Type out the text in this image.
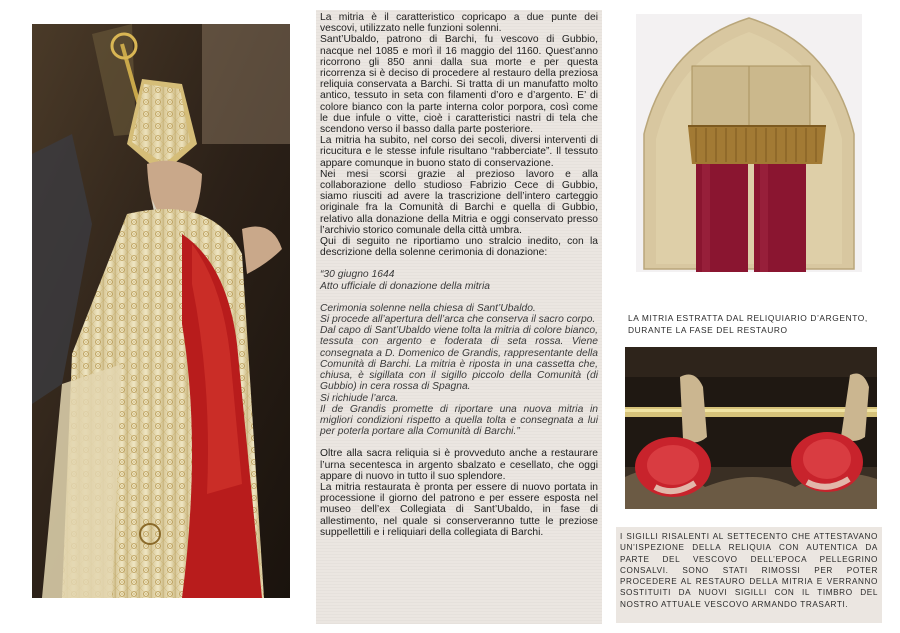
La mitria è il caratteristico copricapo a due punte dei vescovi, utilizzato nelle funzioni solenni.

Sant’Ubaldo, patrono di Barchi, fu vescovo di Gubbio, nacque nel 1085 e morì il 16 maggio del 1160. Quest’anno ricorrono gli 850 anni dalla sua morte e per questa ricorrenza si è deciso di procedere al restauro della preziosa reliquia conservata a Barchi. Si tratta di un manufatto molto antico, tessuto in seta con filamenti d’oro e d’argento. E’ di colore bianco con la parte interna color porpora, così come le due infule o vitte, cioè i caratteristici nastri di tela che scendono verso il basso dalla parte posteriore.

La mitria ha subito, nel corso dei secoli, diversi interventi di ricucitura e le stesse infule risultano “rabberciate”. Il tessuto appare comunque in buono stato di conservazione.

Nei mesi scorsi grazie al prezioso lavoro e alla collaborazione dello studioso Fabrizio Cece di Gubbio, siamo riusciti ad avere la trascrizione dell’intero carteggio originale fra la Comunità di Barchi e quella di Gubbio, relativo alla donazione della Mitria e oggi conservato presso l’archivio storico comunale della città umbra.

Qui di seguito ne riportiamo uno stralcio inedito, con la descrizione della solenne cerimonia di donazione:

“30 giugno 1644

Atto ufficiale di donazione della mitria

Cerimonia solenne nella chiesa di Sant’Ubaldo.

Si procede all’apertura dell’arca che conserva il sacro corpo.

Dal capo di Sant’Ubaldo viene tolta la mitria di colore bianco, tessuta con argento e foderata di seta rossa. Viene consegnata a D. Domenico de Grandis, rappresentante della Comunità di Barchi. La mitria è riposta in una cassetta che, chiusa, è sigillata con il sigillo piccolo della Comunità (di Gubbio) in cera rossa di Spagna.

Si richiude l’arca.

Il de Grandis promette di riportare una nuova mitria in migliori condizioni rispetto a quella tolta e consegnata a lui per poterla portare alla Comunità di Barchi.”

Oltre alla sacra reliquia si è provveduto anche a restaurare l’urna secentesca in argento sbalzato e cesellato, che oggi appare di nuovo in tutto il suo splendore.

La mitria restaurata è pronta per essere di nuovo portata in processione il giorno del patrono e per essere esposta nel museo dell’ex Collegiata di Sant’Ubaldo, in fase di allestimento, nel quale si conserveranno tutte le preziose suppellettili e i reliquiari della collegiata di Barchi.

LA MITRIA ESTRATTA DAL RELIQUIARIO D’ARGENTO, DURANTE LA FASE DEL RESTAURO
I SIGILLI RISALENTI AL SETTECENTO CHE ATTESTAVANO UN’ISPEZIONE DELLA RELIQUIA CON AUTENTICA DA PARTE DEL VESCOVO DELL’EPOCA PELLEGRINO CONSALVI. SONO STATI RIMOSSI PER POTER PROCEDERE AL RESTAURO DELLA MITRIA E VERRANNO SOSTITUITI DA NUOVI SIGILLI CON IL TIMBRO DEL NOSTRO ATTUALE VESCOVO ARMANDO TRASARTI.
